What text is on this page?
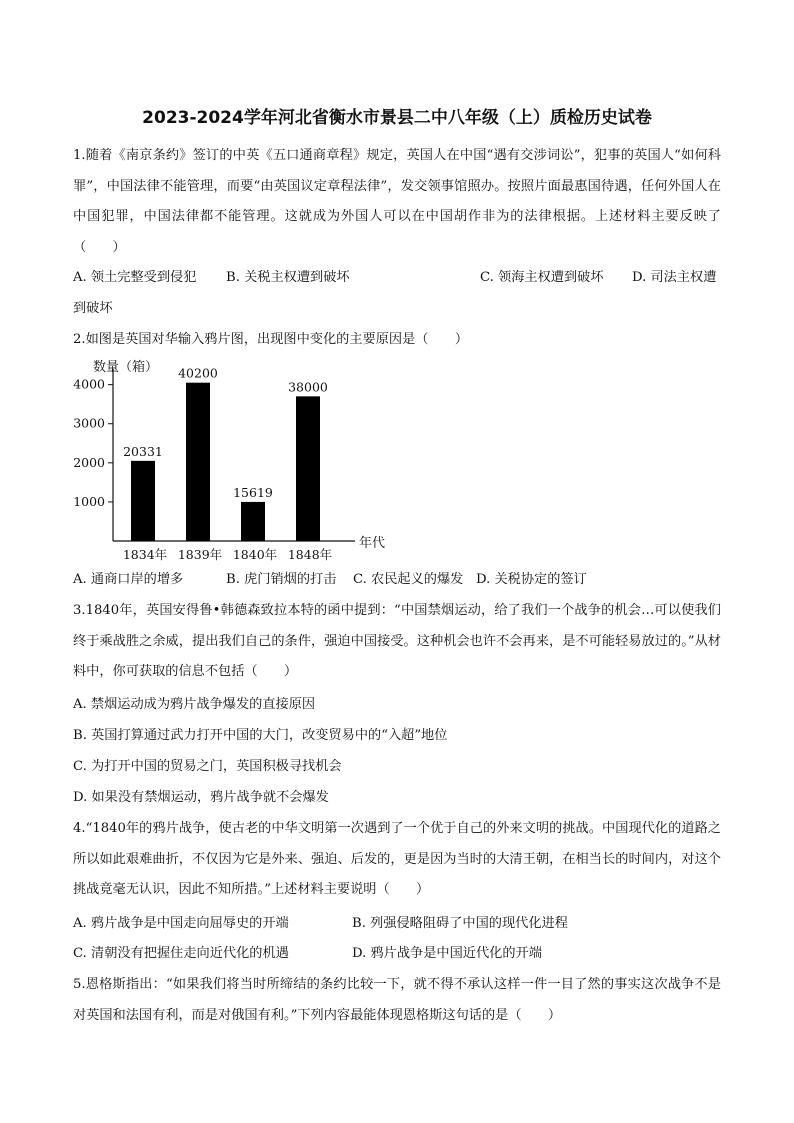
2023-2024学年河北省衡水市景县二中八年级（上）质检历史试卷
1.随着《南京条约》签订的中英《五口通商章程》规定，英国人在中国“遇有交涉词讼”，犯事的英国人“如何科罪”，中国法律不能管理，而要“由英国议定章程法律”，发交领事馆照办。按照片面最惠国待遇，任何外国人在中国犯罪，中国法律都不能管理。这就成为外国人可以在中国胡作非为的法律根据。上述材料主要反映了（　　）
A. 领土完整受到侵犯 B. 关税主权遭到破坏	C. 领海主权遭到破坏 D. 司法主权遭
到破坏
2.如图是英国对华输入鸦片图，出现图中变化的主要原因是（　　）
数量（箱）
1000
2000
3000
4000
20331
40200
15619
38000
1834年 1839年 1840年 1848年
年代
A. 通商口岸的增多	B. 虎门销烟的打击 C. 农民起义的爆发 D. 关税协定的签订
3.1840年，英国安得鲁•韩德森致拉本特的函中提到：“中国禁烟运动，给了我们一个战争的机会…可以使我们终于乘战胜之余威，提出我们自己的条件，强迫中国接受。这种机会也许不会再来，是不可能轻易放过的。”从材料中，你可获取的信息不包括（　　）
A. 禁烟运动成为鸦片战争爆发的直接原因
B. 英国打算通过武力打开中国的大门，改变贸易中的“入超”地位
C. 为打开中国的贸易之门，英国积极寻找机会
D. 如果没有禁烟运动，鸦片战争就不会爆发
4.“1840年的鸦片战争，使古老的中华文明第一次遇到了一个优于自己的外来文明的挑战。中国现代化的道路之所以如此艰难曲折，不仅因为它是外来、强迫、后发的，更是因为当时的大清王朝，在相当长的时间内，对这个挑战竟毫无认识，因此不知所措。”上述材料主要说明（　　）
A. 鸦片战争是中国走向屈辱史的开端	B. 列强侵略阻碍了中国的现代化进程
C. 清朝没有把握住走向近代化的机遇	D. 鸦片战争是中国近代化的开端
5.恩格斯指出：“如果我们将当时所缔结的条约比较一下，就不得不承认这样一件一目了然的事实这次战争不是对英国和法国有利，而是对俄国有利。”下列内容最能体现恩格斯这句话的是（　　）
